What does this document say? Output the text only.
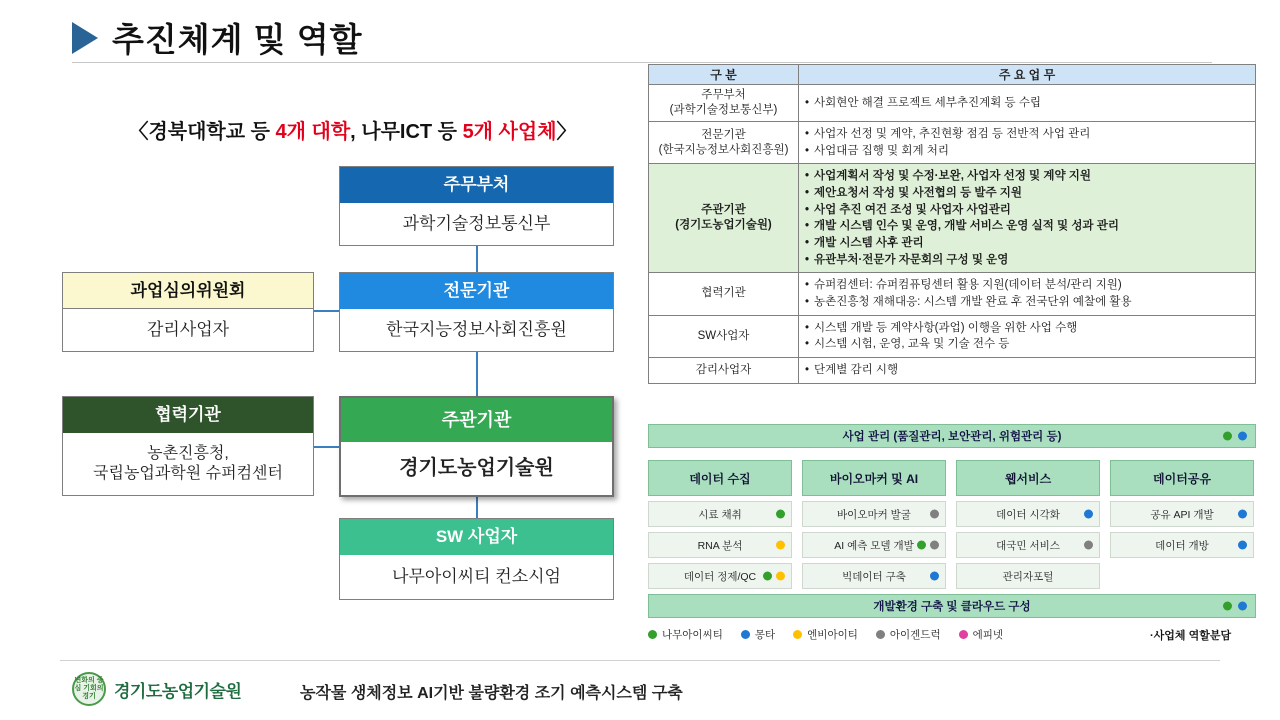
추진체계 및 역할
〈경북대학교 등 4개 대학, 나무ICT 등 5개 사업체〉
주무부처
과학기술정보통신부
전문기관
한국지능정보사회진흥원
과업심의위원회
감리사업자
협력기관
농촌진흥청,
국립농업과학원 슈퍼컴센터
주관기관
경기도농업기술원
SW 사업자
나무아이씨티 컨소시엄
구 분	주 요 업 무

주무부처
(과학기술정보통신부)

• 사회현안 해결 프로젝트 세부추진계획 등 수립

전문기관
(한국지능정보사회진흥원)

• 사업자 선정 및 계약, 추진현황 점검 등 전반적 사업 관리
• 사업대금 집행 및 회계 처리

주관기관
(경기도농업기술원)

• 사업계획서 작성 및 수정·보완, 사업자 선정 및 계약 지원
• 제안요청서 작성 및 사전협의 등 발주 지원
• 사업 추진 여건 조성 및 사업자 사업관리
• 개발 시스템 인수 및 운영, 개발 서비스 운영 실적 및 성과 관리
• 개발 시스템 사후 관리
• 유관부처·전문가 자문회의 구성 및 운영

협력기관

• 슈퍼컴센터: 슈퍼컴퓨팅센터 활용 지원(데이터 분석/관리 지원)
• 농촌진흥청 재해대응: 시스템 개발 완료 후 전국단위 예찰에 활용

SW사업자

• 시스템 개발 등 계약사항(과업) 이행을 위한 사업 수행
• 시스템 시험, 운영, 교육 및 기술 전수 등

감리사업자

•단계별 감리 시행
사업 관리 (품질관리, 보안관리, 위험관리 등)
데이터 수집
시료 채취
RNA 분석
데이터 정제/QC
바이오마커 및 AI
바이오마커 발굴
AI 예측 모델 개발
빅데이터 구축
웹서비스
데이터 시각화
대국민 서비스
관리자포털
데이터공유
공유 API 개발
데이터 개방
개발환경 구축 및 클라우드 구성
나무아이씨티	몽타	엔비아이티	아이겐드럭	에피넷	·사업체 역할분담
변화의 중심 기회의 경기	경기도농업기술원	농작물 생체정보 AI기반 불량환경 조기 예측시스템 구축
